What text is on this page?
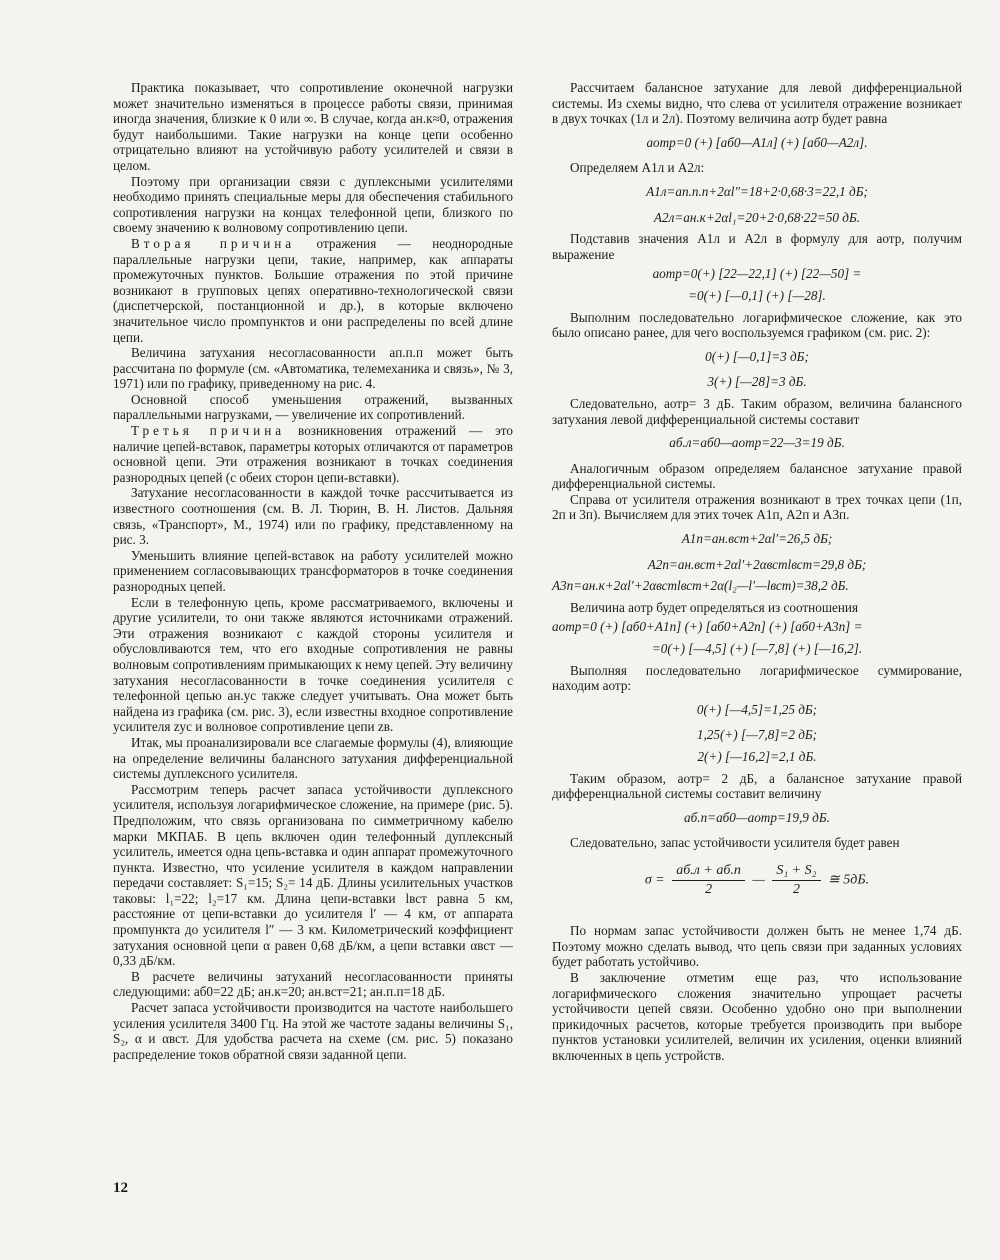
Практика показывает, что сопротивление оконечной нагрузки может значительно изменяться в процессе работы связи, принимая иногда значения, близкие к 0 или ∞. В случае, когда aн.к≈0, отражения будут наибольшими. Такие нагрузки на конце цепи особенно отрицательно влияют на устойчивую работу усилителей и связи в целом.

Поэтому при организации связи с дуплексными усилителями необходимо принять специальные меры для обеспечения стабильного сопротивления нагрузки на концах телефонной цепи, близкого по своему значению к волновому сопротивлению цепи.

Вторая причина отражения — неоднородные параллельные нагрузки цепи, такие, например, как аппараты промежуточных пунктов. Большие отражения по этой причине возникают в групповых цепях оперативно-технологической связи (диспетчерской, постанционной и др.), в которые включено значительное число промпунктов и они распределены по всей длине цепи.

Величина затухания несогласованности aп.п.п может быть рассчитана по формуле (см. «Автоматика, телемеханика и связь», № 3, 1971) или по графику, приведенному на рис. 4.

Основной способ уменьшения отражений, вызванных параллельными нагрузками, — увеличение их сопротивлений.

Третья причина возникновения отражений — это наличие цепей-вставок, параметры которых отличаются от параметров основной цепи. Эти отражения возникают в точках соединения разнородных цепей (с обеих сторон цепи-вставки).

Затухание несогласованности в каждой точке рассчитывается из известного соотношения (см. В. Л. Тюрин, В. Н. Листов. Дальняя связь, «Транспорт», М., 1974) или по графику, представленному на рис. 3.

Уменьшить влияние цепей-вставок на работу усилителей можно применением согласовывающих трансформаторов в точке соединения разнородных цепей.

Если в телефонную цепь, кроме рассматриваемого, включены и другие усилители, то они также являются источниками отражений. Эти отражения возникают с каждой стороны усилителя и обусловливаются тем, что его входные сопротивления не равны волновым сопротивлениям примыкающих к нему цепей. Эту величину затухания несогласованности в точке соединения усилителя с телефонной цепью aн.ус также следует учитывать. Она может быть найдена из графика (см. рис. 3), если известны входное сопротивление усилителя zус и волновое сопротивление цепи zв.

Итак, мы проанализировали все слагаемые формулы (4), влияющие на определение величины балансного затухания дифференциальной системы дуплексного усилителя.

Рассмотрим теперь расчет запаса устойчивости дуплексного усилителя, используя логарифмическое сложение, на примере (рис. 5). Предположим, что связь организована по симметричному кабелю марки МКПАБ. В цепь включен один телефонный дуплексный усилитель, имеется одна цепь-вставка и один аппарат промежуточного пункта. Известно, что усиление усилителя в каждом направлении передачи составляет: S₁=15; S₂= 14 дБ. Длины усилительных участков таковы: l₁=22; l₂=17 км. Длина цепи-вставки lвст равна 5 км, расстояние от цепи-вставки до усилителя l′ — 4 км, от аппарата промпункта до усилителя l″ — 3 км. Километрический коэффициент затухания основной цепи α равен 0,68 дБ/км, а цепи вставки αвст — 0,33 дБ/км.

В расчете величины затуханий несогласованности приняты следующими: aб0=22 дБ; aн.к=20; aн.вст=21; aн.п.п=18 дБ.

Расчет запаса устойчивости производится на частоте наибольшего усиления усилителя 3400 Гц. На этой же частоте заданы величины S₁, S₂, α и αвст. Для удобства расчета на схеме (см. рис. 5) показано распределение токов обратной связи заданной цепи.

Рассчитаем балансное затухание для левой дифференциальной системы. Из схемы видно, что слева от усилителя отражение возникает в двух точках (1л и 2л). Поэтому величина aотр будет равна

aотр=0 (+) [aб0—A1л] (+) [aб0—A2л].

Определяем A1л и A2л:

A1л=aп.п.п+2αl″=18+2·0,68·3=22,1 дБ;

A2л=aн.к+2αl₁=20+2·0,68·22=50 дБ.

Подставив значения A1л и A2л в формулу для aотр, получим выражение

aотр=0(+) [22—22,1] (+) [22—50] =

=0(+) [—0,1] (+) [—28].

Выполним последовательно логарифмическое сложение, как это было описано ранее, для чего воспользуемся графиком (см. рис. 2):

0(+) [—0,1]=3 дБ;

3(+) [—28]=3 дБ.

Следовательно, aотр= 3 дБ. Таким образом, величина балансного затухания левой дифференциальной системы составит

aб.л=aб0—aотр=22—3=19 дБ.

Аналогичным образом определяем балансное затухание правой дифференциальной системы.

Справа от усилителя отражения возникают в трех точках цепи (1п, 2п и 3п). Вычисляем для этих точек A1п, A2п и A3п.

A1п=aн.вст+2αl′=26,5 дБ;

A2п=aн.вст+2αl′+2αвстlвст=29,8 дБ;

A3п=aн.к+2αl′+2αвстlвст+2α(l₂—l′—lвст)=38,2 дБ.

Величина aотр будет определяться из соотношения

aотр=0 (+) [aб0+A1п] (+) [aб0+A2п] (+) [aб0+A3п] =

=0(+) [—4,5] (+) [—7,8] (+) [—16,2].

Выполняя последовательно логарифмическое суммирование, находим aотр:

0(+) [—4,5]=1,25 дБ;

1,25(+) [—7,8]=2 дБ;

2(+) [—16,2]=2,1 дБ.

Таким образом, aотр= 2 дБ, а балансное затухание правой дифференциальной системы составит величину

aб.п=aб0—aотр=19,9 дБ.

Следовательно, запас устойчивости усилителя будет равен

$\sigma = \frac{aб.л + aб.п}{2}$ — $\frac{\text{S₁ + S₂}}{2}$ ≅ 5дБ.

По нормам запас устойчивости должен быть не менее 1,74 дБ. Поэтому можно сделать вывод, что цепь связи при заданных условиях будет работать устойчиво.

В заключение отметим еще раз, что использование логарифмического сложения значительно упрощает расчеты устойчивости цепей связи. Особенно удобно оно при выполнении прикидочных расчетов, которые требуется производить при выборе пунктов установки усилителей, величин их усиления, оценки влияний включенных в цепь устройств.

12
